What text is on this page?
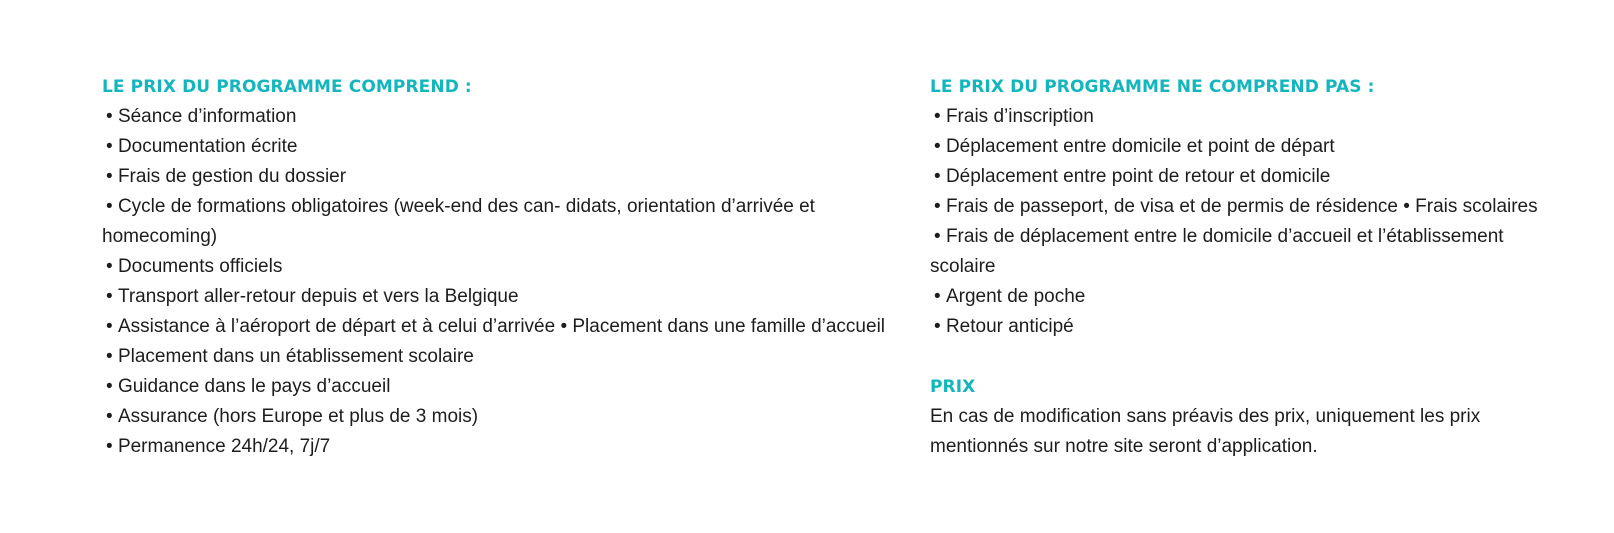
LE PRIX DU PROGRAMME COMPREND :
• Séance d’information
• Documentation écrite
• Frais de gestion du dossier
• Cycle de formations obligatoires (week-end des can- didats, orientation d’arrivée et
homecoming)
• Documents officiels
• Transport aller-retour depuis et vers la Belgique
• Assistance à l’aéroport de départ et à celui d’arrivée • Placement dans une famille d’accueil
• Placement dans un établissement scolaire
• Guidance dans le pays d’accueil
• Assurance (hors Europe et plus de 3 mois)
• Permanence 24h/24, 7j/7
LE PRIX DU PROGRAMME NE COMPREND PAS :
• Frais d’inscription
• Déplacement entre domicile et point de départ
• Déplacement entre point de retour et domicile
• Frais de passeport, de visa et de permis de résidence • Frais scolaires
• Frais de déplacement entre le domicile d’accueil et l’établissement
scolaire
• Argent de poche
• Retour anticipé
PRIX

En cas de modification sans préavis des prix, uniquement les prix

mentionnés sur notre site seront d’application.
